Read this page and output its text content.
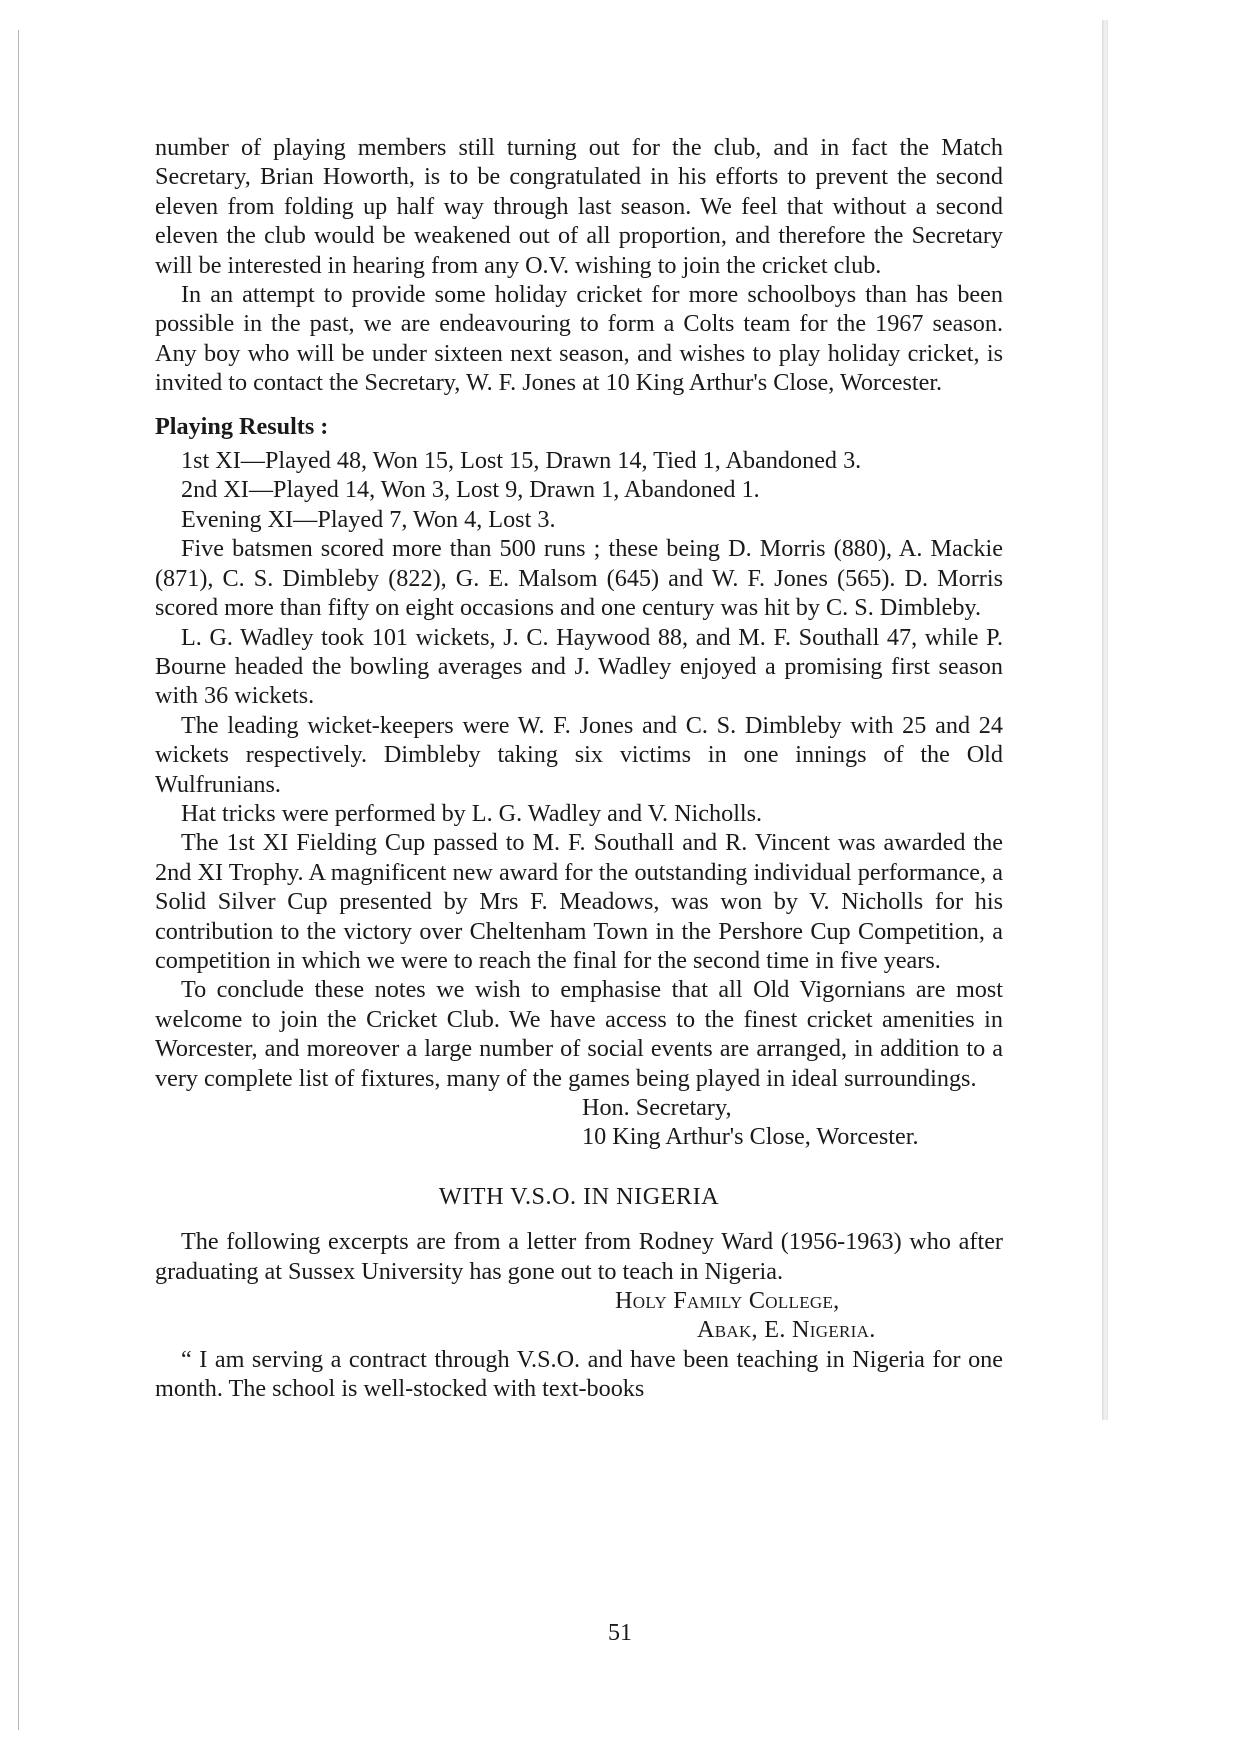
number of playing members still turning out for the club, and in fact the Match Secretary, Brian Howorth, is to be congratulated in his efforts to prevent the second eleven from folding up half way through last season. We feel that without a second eleven the club would be weakened out of all proportion, and therefore the Secretary will be interested in hearing from any O.V. wishing to join the cricket club.

In an attempt to provide some holiday cricket for more schoolboys than has been possible in the past, we are endeavouring to form a Colts team for the 1967 season. Any boy who will be under sixteen next season, and wishes to play holiday cricket, is invited to contact the Secretary, W. F. Jones at 10 King Arthur's Close, Worcester.

Playing Results :

1st XI—Played 48, Won 15, Lost 15, Drawn 14, Tied 1, Abandoned 3.

2nd XI—Played 14, Won 3, Lost 9, Drawn 1, Abandoned 1.

Evening XI—Played 7, Won 4, Lost 3.

Five batsmen scored more than 500 runs ; these being D. Morris (880), A. Mackie (871), C. S. Dimbleby (822), G. E. Malsom (645) and W. F. Jones (565). D. Morris scored more than fifty on eight occasions and one century was hit by C. S. Dimbleby.

L. G. Wadley took 101 wickets, J. C. Haywood 88, and M. F. Southall 47, while P. Bourne headed the bowling averages and J. Wadley enjoyed a promising first season with 36 wickets.

The leading wicket-keepers were W. F. Jones and C. S. Dimbleby with 25 and 24 wickets respectively. Dimbleby taking six victims in one innings of the Old Wulfrunians.

Hat tricks were performed by L. G. Wadley and V. Nicholls.

The 1st XI Fielding Cup passed to M. F. Southall and R. Vincent was awarded the 2nd XI Trophy. A magnificent new award for the outstanding individual performance, a Solid Silver Cup presented by Mrs F. Meadows, was won by V. Nicholls for his contribution to the victory over Cheltenham Town in the Pershore Cup Competition, a competition in which we were to reach the final for the second time in five years.

To conclude these notes we wish to emphasise that all Old Vigornians are most welcome to join the Cricket Club. We have access to the finest cricket amenities in Worcester, and moreover a large number of social events are arranged, in addition to a very complete list of fixtures, many of the games being played in ideal surroundings.

Hon. Secretary,

10 King Arthur's Close, Worcester.

WITH V.S.O. IN NIGERIA

The following excerpts are from a letter from Rodney Ward (1956-1963) who after graduating at Sussex University has gone out to teach in Nigeria.

Holy Family College,

Abak, E. Nigeria.

“ I am serving a contract through V.S.O. and have been teaching in Nigeria for one month. The school is well-stocked with text-books

51
